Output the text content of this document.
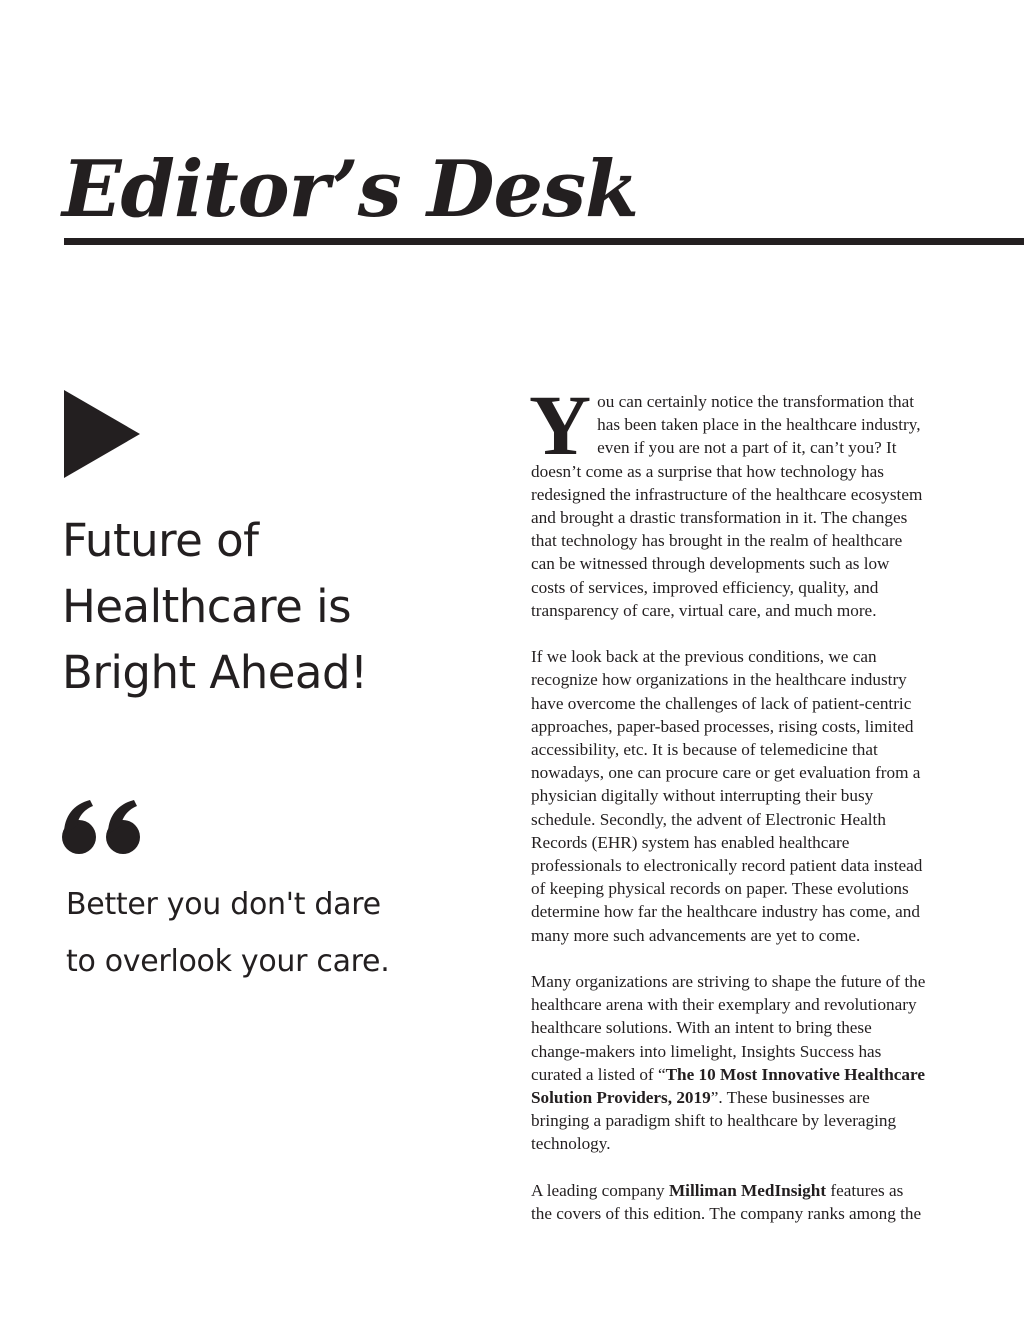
Editor’s Desk
Future of
Healthcare is
Bright Ahead!

Better you don't dare
to overlook your care.

Y ou can certainly notice the transformation that
has been taken place in the healthcare industry,
even if you are not a part of it, can’t you? It
doesn’t come as a surprise that how technology has
redesigned the infrastructure of the healthcare ecosystem
and brought a drastic transformation in it. The changes
that technology has brought in the realm of healthcare
can be witnessed through developments such as low
costs of services, improved efficiency, quality, and
transparency of care, virtual care, and much more.

If we look back at the previous conditions, we can
recognize how organizations in the healthcare industry
have overcome the challenges of lack of patient-centric
approaches, paper-based processes, rising costs, limited
accessibility, etc. It is because of telemedicine that
nowadays, one can procure care or get evaluation from a
physician digitally without interrupting their busy
schedule. Secondly, the advent of Electronic Health
Records (EHR) system has enabled healthcare
professionals to electronically record patient data instead
of keeping physical records on paper. These evolutions
determine how far the healthcare industry has come, and
many more such advancements are yet to come.

Many organizations are striving to shape the future of the
healthcare arena with their exemplary and revolutionary
healthcare solutions. With an intent to bring these
change-makers into limelight, Insights Success has
curated a listed of “The 10 Most Innovative Healthcare
Solution Providers, 2019”. These businesses are
bringing a paradigm shift to healthcare by leveraging
technology.

A leading company Milliman MedInsight features as
the covers of this edition. The company ranks among the
